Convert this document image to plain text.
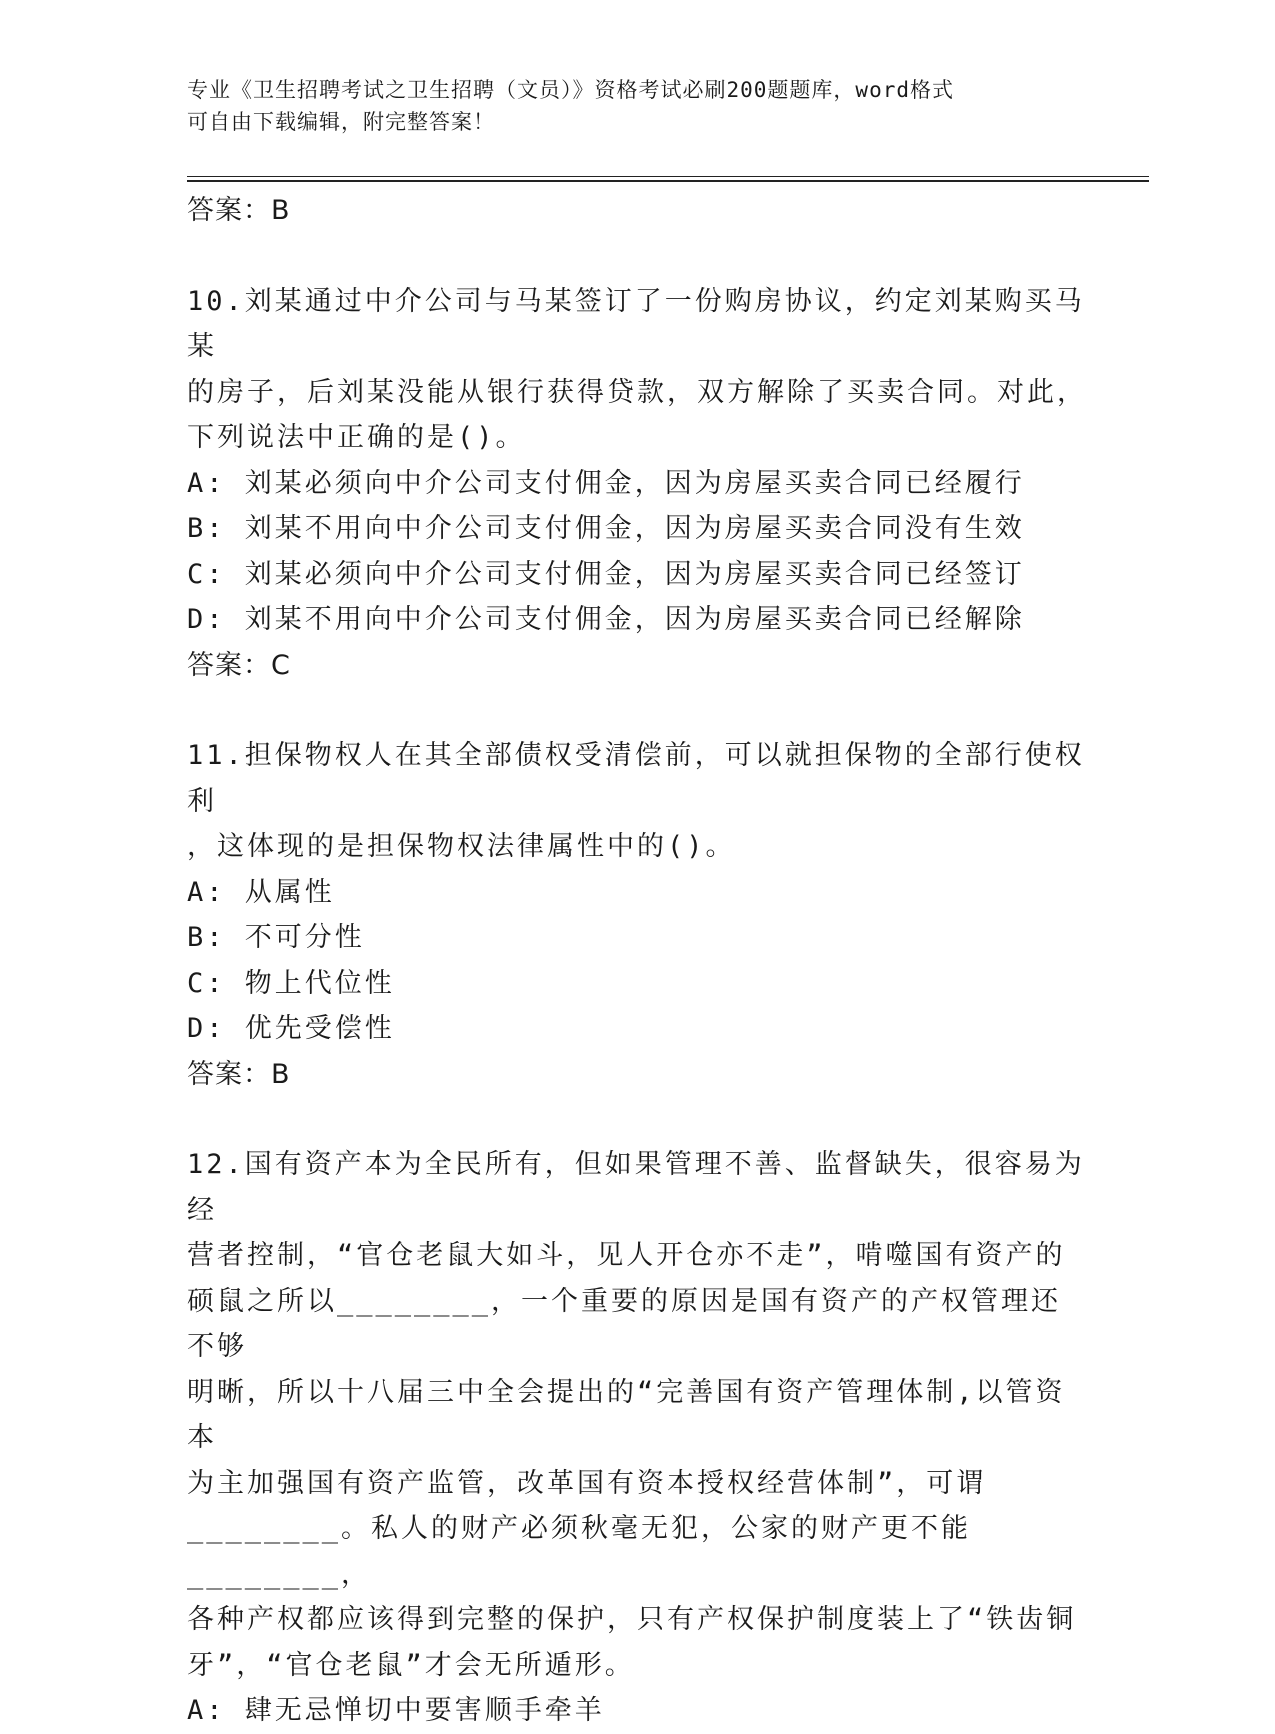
专业《卫生招聘考试之卫生招聘（文员）》资格考试必刷200题题库，word格式
可自由下载编辑，附完整答案！
答案：B
10.刘某通过中介公司与马某签订了一份购房协议，约定刘某购买马某
的房子，后刘某没能从银行获得贷款，双方解除了买卖合同。对此，
下列说法中正确的是()。
A: 刘某必须向中介公司支付佣金，因为房屋买卖合同已经履行
B: 刘某不用向中介公司支付佣金，因为房屋买卖合同没有生效
C: 刘某必须向中介公司支付佣金，因为房屋买卖合同已经签订
D: 刘某不用向中介公司支付佣金，因为房屋买卖合同已经解除
答案：C
11.担保物权人在其全部债权受清偿前，可以就担保物的全部行使权利
，这体现的是担保物权法律属性中的()。
A: 从属性
B: 不可分性
C: 物上代位性
D: 优先受偿性
答案：B
12.国有资产本为全民所有，但如果管理不善、监督缺失，很容易为经
营者控制，“官仓老鼠大如斗，见人开仓亦不走”，啃噬国有资产的
硕鼠之所以________，一个重要的原因是国有资产的产权管理还不够
明晰，所以十八届三中全会提出的“完善国有资产管理体制,以管资本
为主加强国有资产监管，改革国有资本授权经营体制”，可谓
________。私人的财产必须秋毫无犯，公家的财产更不能________，
各种产权都应该得到完整的保护，只有产权保护制度装上了“铁齿铜
牙”，“官仓老鼠”才会无所遁形。
A: 肆无忌惮切中要害顺手牵羊
